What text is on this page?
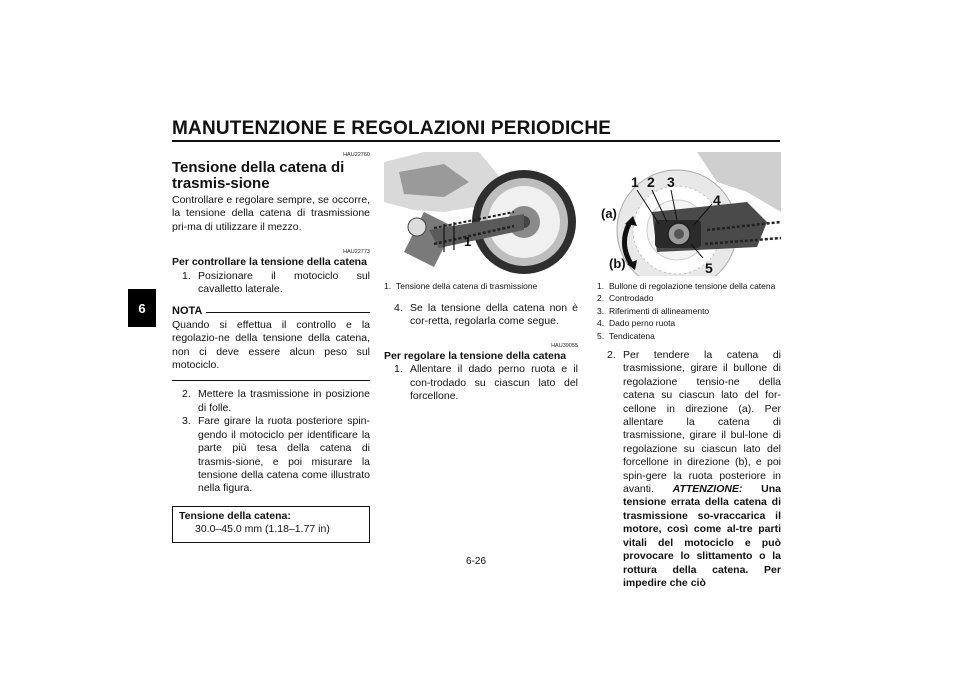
MANUTENZIONE E REGOLAZIONI PERIODICHE
6
HAU22760
Tensione della catena di trasmis-sione
Controllare e regolare sempre, se occorre, la tensione della catena di trasmissione pri-ma di utilizzare il mezzo.
HAU22773
Per controllare la tensione della catena
1. Posizionare il motociclo sul cavalletto laterale.
NOTA
Quando si effettua il controllo e la regolazio-ne della tensione della catena, non ci deve essere alcun peso sul motociclo.
2. Mettere la trasmissione in posizione di folle.
3. Fare girare la ruota posteriore spin-gendo il motociclo per identificare la parte più tesa della catena di trasmis-sione, e poi misurare la tensione della catena come illustrato nella figura.
Tensione della catena:
30.0–45.0 mm (1.18–1.77 in)
1
1. Tensione della catena di trasmissione
4. Se la tensione della catena non è cor-retta, regolarla come segue.
HAU39055
Per regolare la tensione della catena
1. Allentare il dado perno ruota e il con-trodado su ciascun lato del forcellone.
1 2 3
4
5
(a)
(b)
1. Bullone di regolazione tensione della catena
2. Controdado
3. Riferimenti di allineamento
4. Dado perno ruota
5. Tendicatena
2. Per tendere la catena di trasmissione, girare il bullone di regolazione tensio-ne della catena su ciascun lato del for-cellone in direzione (a). Per allentare la catena di trasmissione, girare il bul-lone di regolazione su ciascun lato del forcellone in direzione (b), e poi spin-gere la ruota posteriore in avanti. ATTENZIONE: Una tensione errata della catena di trasmissione so-vraccarica il motore, così come al-tre parti vitali del motociclo e può provocare lo slittamento o la rottura della catena. Per impedire che ciò
6-26
